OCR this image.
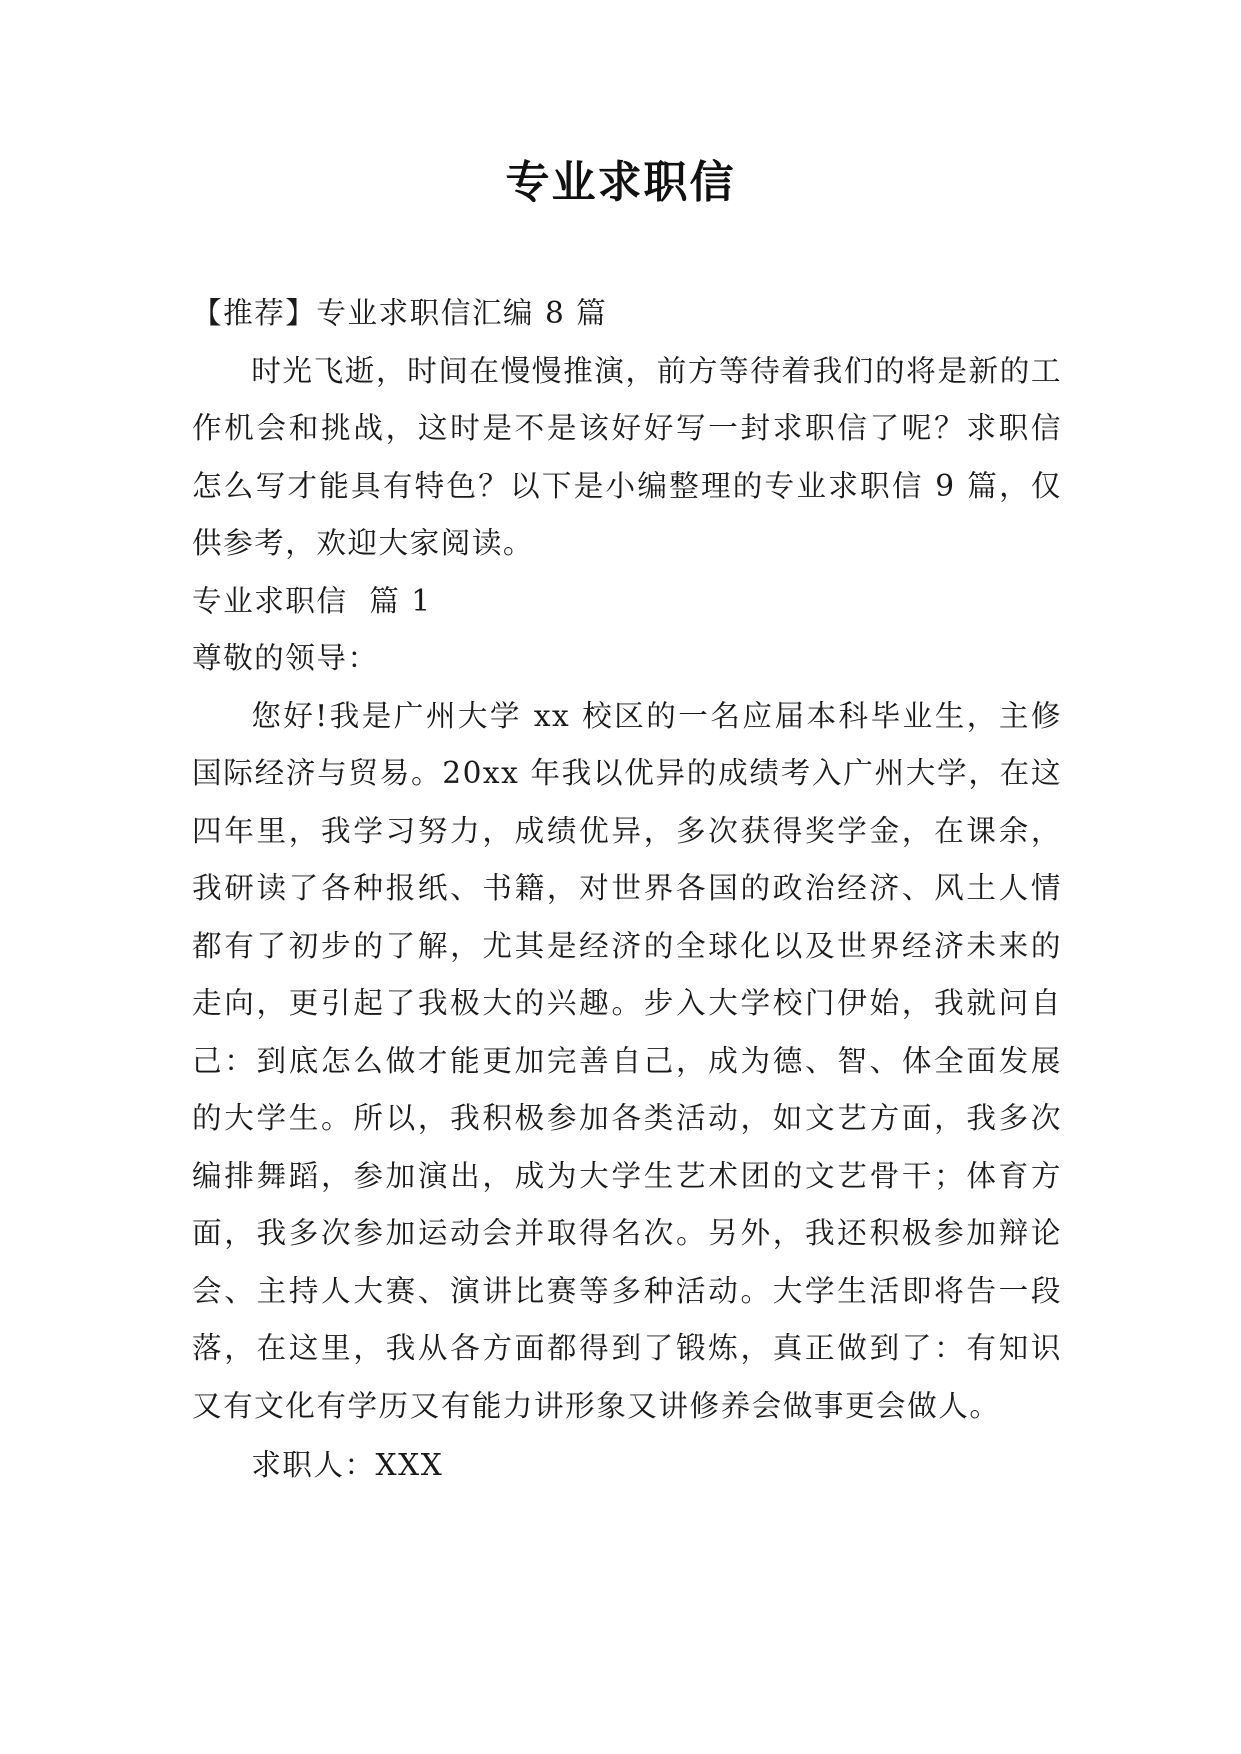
专业求职信

【推荐】专业求职信汇编 8 篇

时光飞逝，时间在慢慢推演，前方等待着我们的将是新的工作机会和挑战，这时是不是该好好写一封求职信了呢？求职信怎么写才能具有特色？以下是小编整理的专业求职信 9 篇，仅供参考，欢迎大家阅读。

专业求职信  篇 1

尊敬的领导：

您好!我是广州大学 xx 校区的一名应届本科毕业生，主修国际经济与贸易。20xx 年我以优异的成绩考入广州大学，在这四年里，我学习努力，成绩优异，多次获得奖学金，在课余，我研读了各种报纸、书籍，对世界各国的政治经济、风土人情都有了初步的了解，尤其是经济的全球化以及世界经济未来的走向，更引起了我极大的兴趣。步入大学校门伊始，我就问自己：到底怎么做才能更加完善自己，成为德、智、体全面发展的大学生。所以，我积极参加各类活动，如文艺方面，我多次编排舞蹈，参加演出，成为大学生艺术团的文艺骨干；体育方面，我多次参加运动会并取得名次。另外，我还积极参加辩论会、主持人大赛、演讲比赛等多种活动。大学生活即将告一段落，在这里，我从各方面都得到了锻炼，真正做到了：有知识又有文化有学历又有能力讲形象又讲修养会做事更会做人。

求职人：XXX
